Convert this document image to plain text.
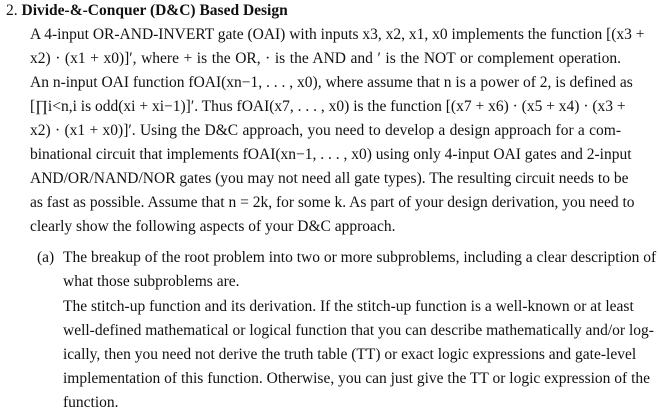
2. Divide-&-Conquer (D&C) Based Design
A 4-input OR-AND-INVERT gate (OAI) with inputs x3, x2, x1, x0 implements the function [(x3 +
x2) · (x1 + x0)]′, where + is the OR, · is the AND and ′ is the NOT or complement operation.
An n-input OAI function fOAI(xn−1, . . . , x0), where assume that n is a power of 2, is defined as
[∏i<n,i is odd(xi + xi−1)]′. Thus fOAI(x7, . . . , x0) is the function [(x7 + x6) · (x5 + x4) · (x3 +
x2) · (x1 + x0)]′. Using the D&C approach, you need to develop a design approach for a com-
binational circuit that implements fOAI(xn−1, . . . , x0) using only 4-input OAI gates and 2-input
AND/OR/NAND/NOR gates (you may not need all gate types). The resulting circuit needs to be
as fast as possible. Assume that n = 2k, for some k. As part of your design derivation, you need to
clearly show the following aspects of your D&C approach.
(a) The breakup of the root problem into two or more subproblems, including a clear description of
what those subproblems are.
The stitch-up function and its derivation. If the stitch-up function is a well-known or at least
well-defined mathematical or logical function that you can describe mathematically and/or log-
ically, then you need not derive the truth table (TT) or exact logic expressions and gate-level
implementation of this function. Otherwise, you can just give the TT or logic expression of the
function.
